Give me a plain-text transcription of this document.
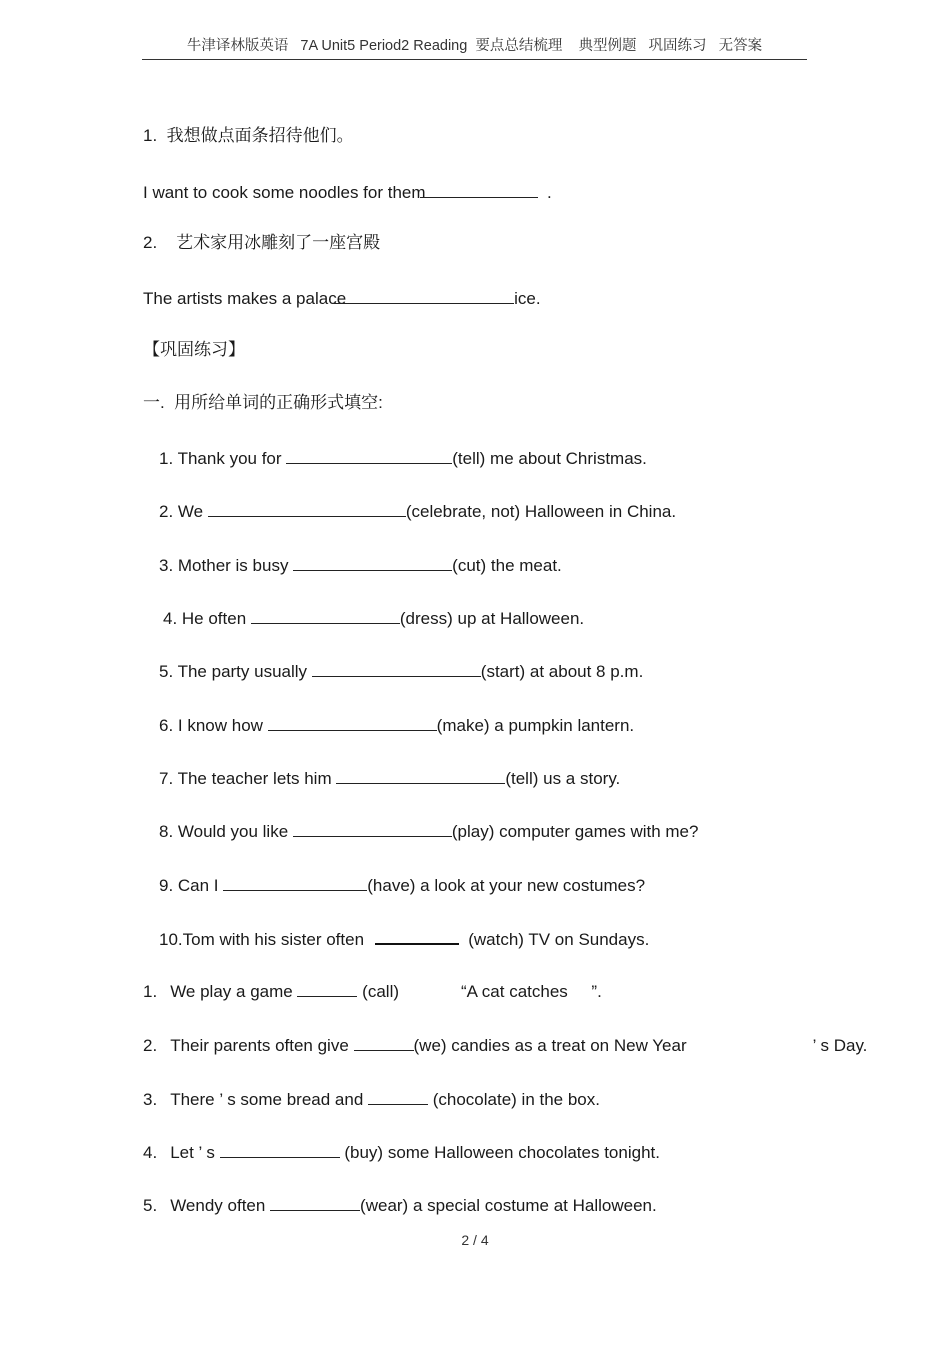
牛津译林版英语   7A Unit5 Period2 Reading  要点总结梳理    典型例题   巩固练习   无答案
1.  我想做点面条招待他们。
I want to cook some noodles for them	.
2.    艺术家用冰雕刻了一座宫殿
The artists makes a palace	ice.
【巩固练习】
一.  用所给单词的正确形式填空:
1. Thank you for	(tell) me about Christmas.
2. We	(celebrate, not) Halloween in China.
3. Mother is busy	(cut) the meat.
4. He often	(dress) up at Halloween.
5. The party usually	(start) at about 8 p.m.
6. I know how	(make) a pumpkin lantern.
7. The teacher lets him	(tell) us a story.
8. Would you like	(play) computer games with me?
9. Can I	(have) a look at your new costumes?
10.Tom with his sister often	(watch) TV on Sundays.
1. We play a game	(call)	“A cat catches     ”.
2. Their parents often give	(we) candies as a treat on New Year	’ s Day.
3. There ’ s some bread and	(chocolate) in the box.
4. Let ’ s	(buy) some Halloween chocolates tonight.
5. Wendy often	(wear) a special costume at Halloween.
2 / 4
